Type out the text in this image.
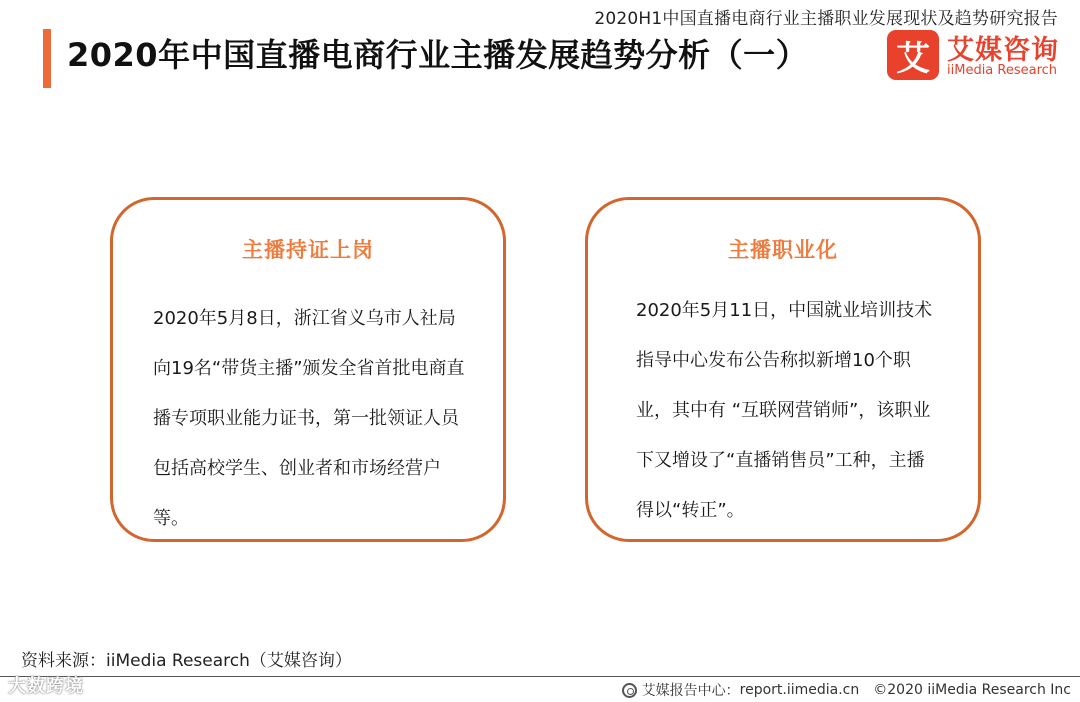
2020H1中国直播电商行业主播职业发展现状及趋势研究报告
2020年中国直播电商行业主播发展趋势分析（一）	艾 艾媒咨询
iiMedia Research
主播持证上岗
2020年5月8日，浙江省义乌市人社局向19名“带货主播”颁发全省首批电商直播专项职业能力证书，第一批领证人员包括高校学生、创业者和市场经营户等。
主播职业化
2020年5月11日，中国就业培训技术指导中心发布公告称拟新增10个职业，其中有 “互联网营销师”，该职业下又增设了“直播销售员”工种，主播得以“转正”。
资料来源：iiMedia Research（艾媒咨询）
大数跨境	艾媒报告中心： report.iimedia.cn ©2020 iiMedia Research Inc
